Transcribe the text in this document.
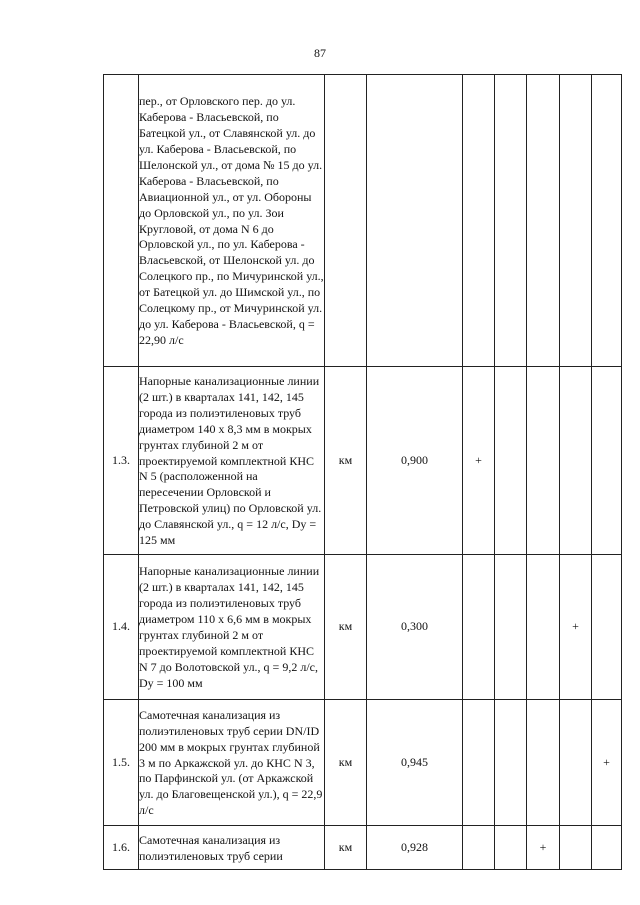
87

	пер., от Орловского пер. до ул. Каберова - Власьевской, по Батецкой ул., от Славянской ул. до ул. Каберова - Власьевской, по Шелонской ул., от дома № 15 до ул. Каберова - Власьевской, по Авиационной ул., от ул. Обороны до Орловской ул., по ул. Зои Кругловой, от дома N 6 до Орловской ул., по ул. Каберова - Власьевской, от Шелонской ул. до Солецкого пр., по Мичуринской ул., от Батецкой ул. до Шимской ул., по Солецкому пр., от Мичуринской ул. до ул. Каберова - Власьевской, q = 22,90 л/с							

1.3.	Напорные канализационные линии (2 шт.) в кварталах 141, 142, 145 города из полиэтиленовых труб диаметром 140 x 8,3 мм в мокрых грунтах глубиной 2 м от проектируемой комплектной КНС N 5 (расположенной на пересечении Орловской и Петровской улиц) по Орловской ул. до Славянской ул., q = 12 л/с, Dy = 125 мм	км	0,900	+				
1.4.	Напорные канализационные линии (2 шт.) в кварталах 141, 142, 145 города из полиэтиленовых труб диаметром 110 x 6,6 мм в мокрых грунтах глубиной 2 м от проектируемой комплектной КНС N 7 до Волотовской ул., q = 9,2 л/с, Dy = 100 мм	км	0,300				+	
1.5.	Самотечная канализация из полиэтиленовых труб серии DN/ID 200 мм в мокрых грунтах глубиной 3 м по Аркажской ул. до КНС N 3, по Парфинской ул. (от Аркажской ул. до Благовещенской ул.), q = 22,9 л/с	км	0,945					+
1.6.	Самотечная канализация из полиэтиленовых труб серии	км	0,928			+		
